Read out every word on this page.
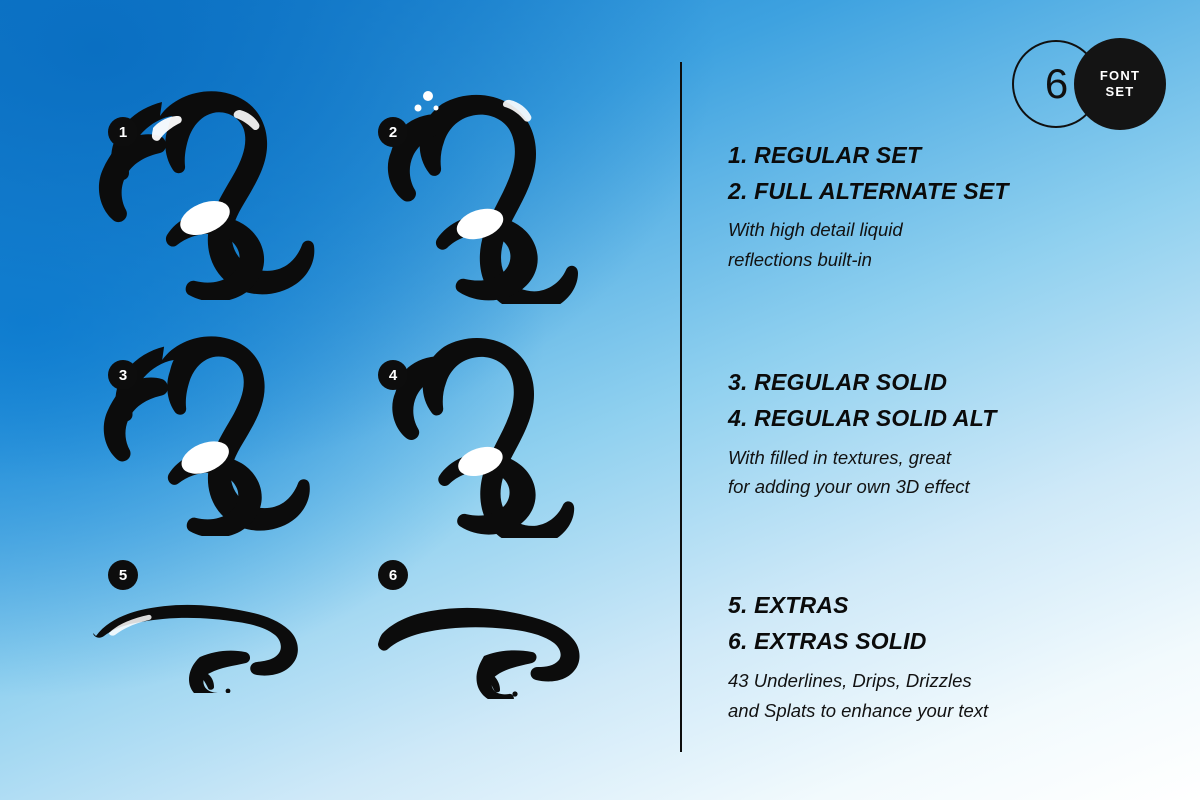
6	FONT
SET
1	2
3	4
5	6
1. REGULAR SET
2. FULL ALTERNATE SET
With high detail liquid
reflections built-in
3. REGULAR SOLID
4. REGULAR SOLID ALT
With filled in textures, great
for adding your own 3D effect
5. EXTRAS
6. EXTRAS SOLID
43 Underlines, Drips, Drizzles
and Splats to enhance your text
